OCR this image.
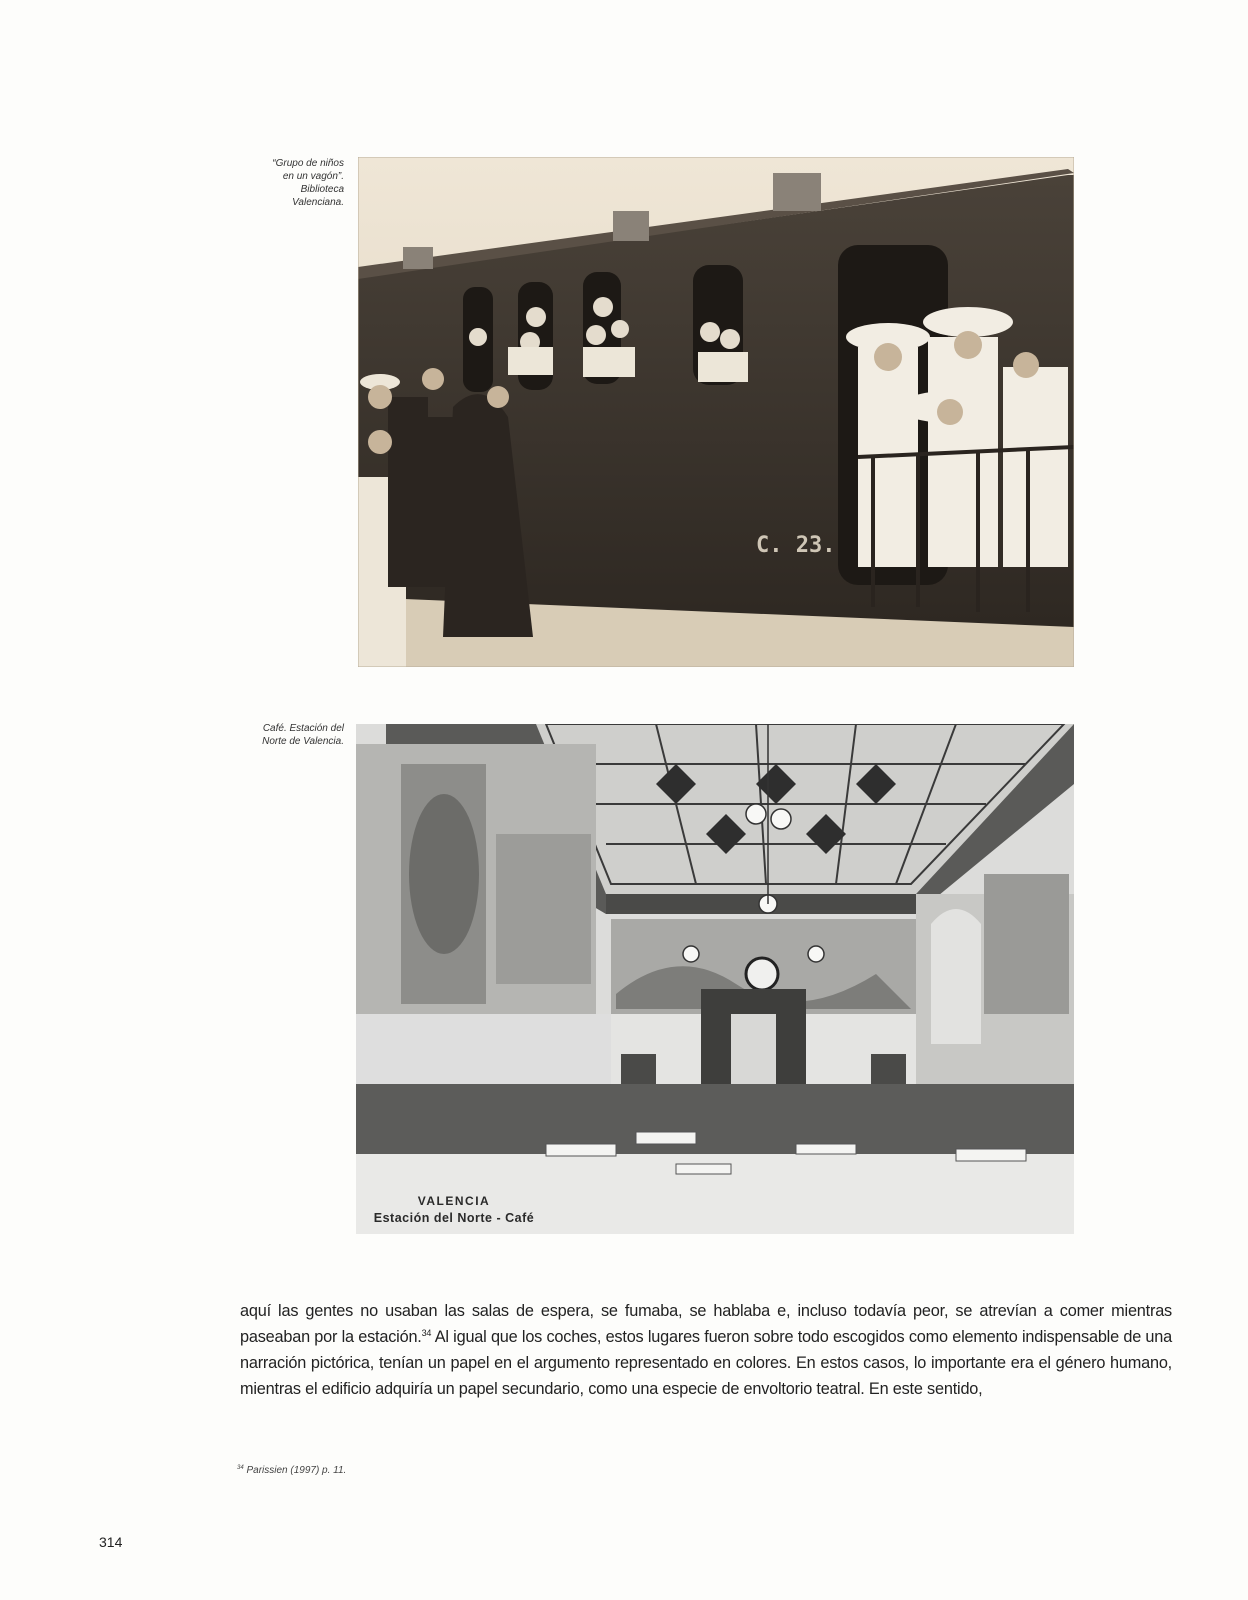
“Grupo de niños
en un vagón”.
Biblioteca
Valenciana.
C. 23.
Café. Estación del
Norte de Valencia.
VALENCIA
Estación del Norte - Café

aquí las gentes no usaban las salas de espera, se fumaba, se hablaba e, incluso todavía peor, se atrevían a comer mientras paseaban por la estación.$^{34}$ Al igual que los coches, estos lugares fueron sobre todo escogidos como elemento indispensable de una narración pictórica, tenían un papel en el argumento representado en colores. En estos casos, lo importante era el género humano, mientras el edificio adquiría un papel secundario, como una especie de envoltorio teatral. En este sentido,

$^{34}$ Parissien (1997) p. 11.
314
